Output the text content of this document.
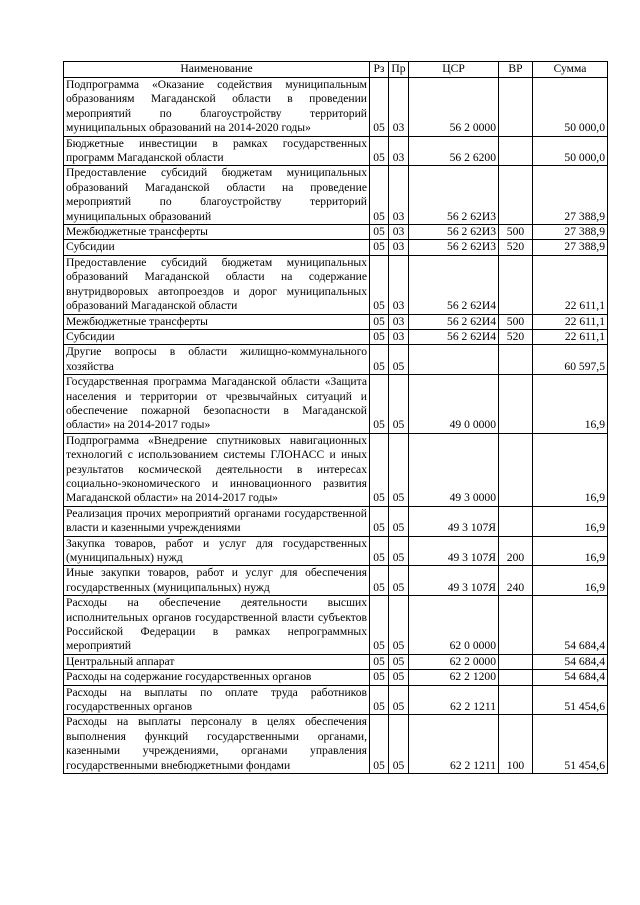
Наименование	Рз	Пр	ЦСР	ВР	Сумма
Подпрограмма «Оказание содействия муниципальным образованиям Магаданской области в проведении мероприятий по благоустройству территорий муниципальных образований на 2014-2020 годы»	05	03	56 2 0000		50 000,0
Бюджетные инвестиции в рамках государственных программ Магаданской области	05	03	56 2 6200		50 000,0
Предоставление субсидий бюджетам муниципальных образований Магаданской области на проведение мероприятий по благоустройству территорий муниципальных образований	05	03	56 2 62И3		27 388,9
Межбюджетные трансферты	05	03	56 2 62И3	500	27 388,9
Субсидии	05	03	56 2 62И3	520	27 388,9
Предоставление субсидий бюджетам муниципальных образований Магаданской области на содержание внутридворовых автопроездов и дорог муниципальных образований Магаданской области	05	03	56 2 62И4		22 611,1
Межбюджетные трансферты	05	03	56 2 62И4	500	22 611,1
Субсидии	05	03	56 2 62И4	520	22 611,1
Другие вопросы в области жилищно-коммунального хозяйства	05	05			60 597,5
Государственная программа Магаданской области «Защита населения и территории от чрезвычайных ситуаций и обеспечение пожарной безопасности в Магаданской области» на 2014-2017 годы»	05	05	49 0 0000		16,9
Подпрограмма «Внедрение спутниковых навигационных технологий с использованием системы ГЛОНАСС и иных результатов космической деятельности в интересах социально-экономического и инновационного развития Магаданской области» на 2014-2017 годы»	05	05	49 3 0000		16,9
Реализация прочих мероприятий органами государственной власти и казенными учреждениями	05	05	49 3 107Я		16,9
Закупка товаров, работ и услуг для государственных (муниципальных) нужд	05	05	49 3 107Я	200	16,9
Иные закупки товаров, работ и услуг для обеспечения государственных (муниципальных) нужд	05	05	49 3 107Я	240	16,9
Расходы на обеспечение деятельности высших исполнительных органов государственной власти субъектов Российской Федерации в рамках непрограммных мероприятий	05	05	62 0 0000		54 684,4
Центральный аппарат	05	05	62 2 0000		54 684,4
Расходы на содержание государственных органов	05	05	62 2 1200		54 684,4
Расходы на выплаты по оплате труда работников государственных органов	05	05	62 2 1211		51 454,6
Расходы на выплаты персоналу в целях обеспечения выполнения функций государственными органами, казенными учреждениями, органами управления государственными внебюджетными фондами	05	05	62 2 1211	100	51 454,6
